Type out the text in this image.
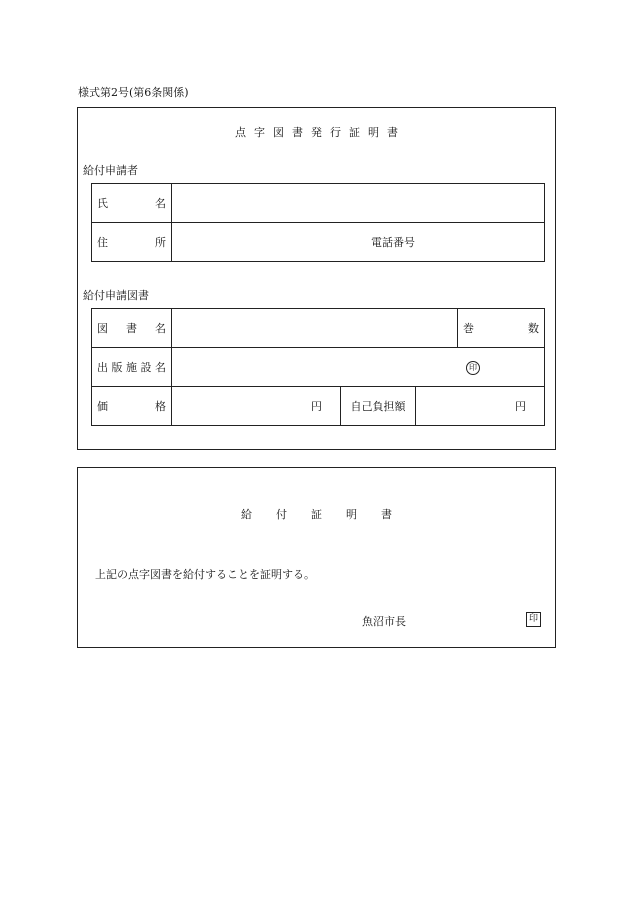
様式第2号(第6条関係)
点字図書発行証明書
給付申請者
氏 名	

住 所	電話番号
給付申請図書
図 書 名				巻 数	

出 版 施 設 名	印				

価 格	円	自己負担額	円		
給付証明書
上記の点字図書を給付することを証明する。
魚沼市長	印
